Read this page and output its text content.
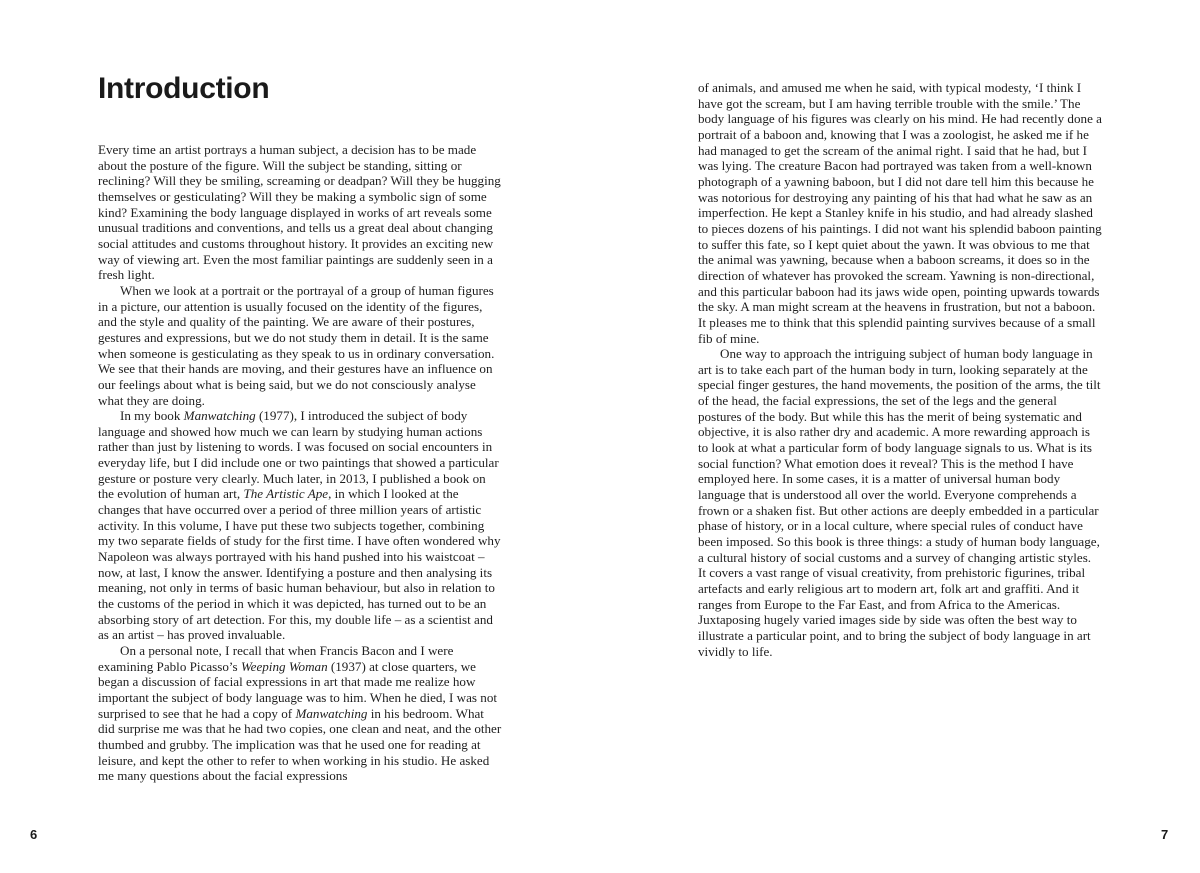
Introduction

Every time an artist portrays a human subject, a decision has to be made about the posture of the figure. Will the subject be standing, sitting or reclining? Will they be smiling, screaming or deadpan? Will they be hugging themselves or gesticulating? Will they be making a symbolic sign of some kind? Examining the body language displayed in works of art reveals some unusual traditions and conventions, and tells us a great deal about changing social attitudes and customs throughout history. It provides an exciting new way of viewing art. Even the most familiar paintings are suddenly seen in a fresh light.

When we look at a portrait or the portrayal of a group of human figures in a picture, our attention is usually focused on the identity of the figures, and the style and quality of the painting. We are aware of their postures, gestures and expressions, but we do not study them in detail. It is the same when someone is gesticulating as they speak to us in ordinary conversation. We see that their hands are moving, and their gestures have an influence on our feelings about what is being said, but we do not consciously analyse what they are doing.

In my book Manwatching (1977), I introduced the subject of body language and showed how much we can learn by studying human actions rather than just by listening to words. I was focused on social encounters in everyday life, but I did include one or two paintings that showed a particular gesture or posture very clearly. Much later, in 2013, I published a book on the evolution of human art, The Artistic Ape, in which I looked at the changes that have occurred over a period of three million years of artistic activity. In this volume, I have put these two subjects together, combining my two separate fields of study for the first time. I have often wondered why Napoleon was always portrayed with his hand pushed into his waistcoat – now, at last, I know the answer. Identifying a posture and then analysing its meaning, not only in terms of basic human behaviour, but also in relation to the customs of the period in which it was depicted, has turned out to be an absorbing story of art detection. For this, my double life – as a scientist and as an artist – has proved invaluable.

On a personal note, I recall that when Francis Bacon and I were examining Pablo Picasso’s Weeping Woman (1937) at close quarters, we began a discussion of facial expressions in art that made me realize how important the subject of body language was to him. When he died, I was not surprised to see that he had a copy of Manwatching in his bedroom. What did surprise me was that he had two copies, one clean and neat, and the other thumbed and grubby. The implication was that he used one for reading at leisure, and kept the other to refer to when working in his studio. He asked me many questions about the facial expressions

of animals, and amused me when he said, with typical modesty, ‘I think I have got the scream, but I am having terrible trouble with the smile.’ The body language of his figures was clearly on his mind. He had recently done a portrait of a baboon and, knowing that I was a zoologist, he asked me if he had managed to get the scream of the animal right. I said that he had, but I was lying. The creature Bacon had portrayed was taken from a well-known photograph of a yawning baboon, but I did not dare tell him this because he was notorious for destroying any painting of his that had what he saw as an imperfection. He kept a Stanley knife in his studio, and had already slashed to pieces dozens of his paintings. I did not want his splendid baboon painting to suffer this fate, so I kept quiet about the yawn. It was obvious to me that the animal was yawning, because when a baboon screams, it does so in the direction of whatever has provoked the scream. Yawning is non-directional, and this particular baboon had its jaws wide open, pointing upwards towards the sky. A man might scream at the heavens in frustration, but not a baboon. It pleases me to think that this splendid painting survives because of a small fib of mine.

One way to approach the intriguing subject of human body language in art is to take each part of the human body in turn, looking separately at the special finger gestures, the hand movements, the position of the arms, the tilt of the head, the facial expressions, the set of the legs and the general postures of the body. But while this has the merit of being systematic and objective, it is also rather dry and academic. A more rewarding approach is to look at what a particular form of body language signals to us. What is its social function? What emotion does it reveal? This is the method I have employed here. In some cases, it is a matter of universal human body language that is understood all over the world. Everyone comprehends a frown or a shaken fist. But other actions are deeply embedded in a particular phase of history, or in a local culture, where special rules of conduct have been imposed. So this book is three things: a study of human body language, a cultural history of social customs and a survey of changing artistic styles. It covers a vast range of visual creativity, from prehistoric figurines, tribal artefacts and early religious art to modern art, folk art and graffiti. And it ranges from Europe to the Far East, and from Africa to the Americas. Juxtaposing hugely varied images side by side was often the best way to illustrate a particular point, and to bring the subject of body language in art vividly to life.

6	7
